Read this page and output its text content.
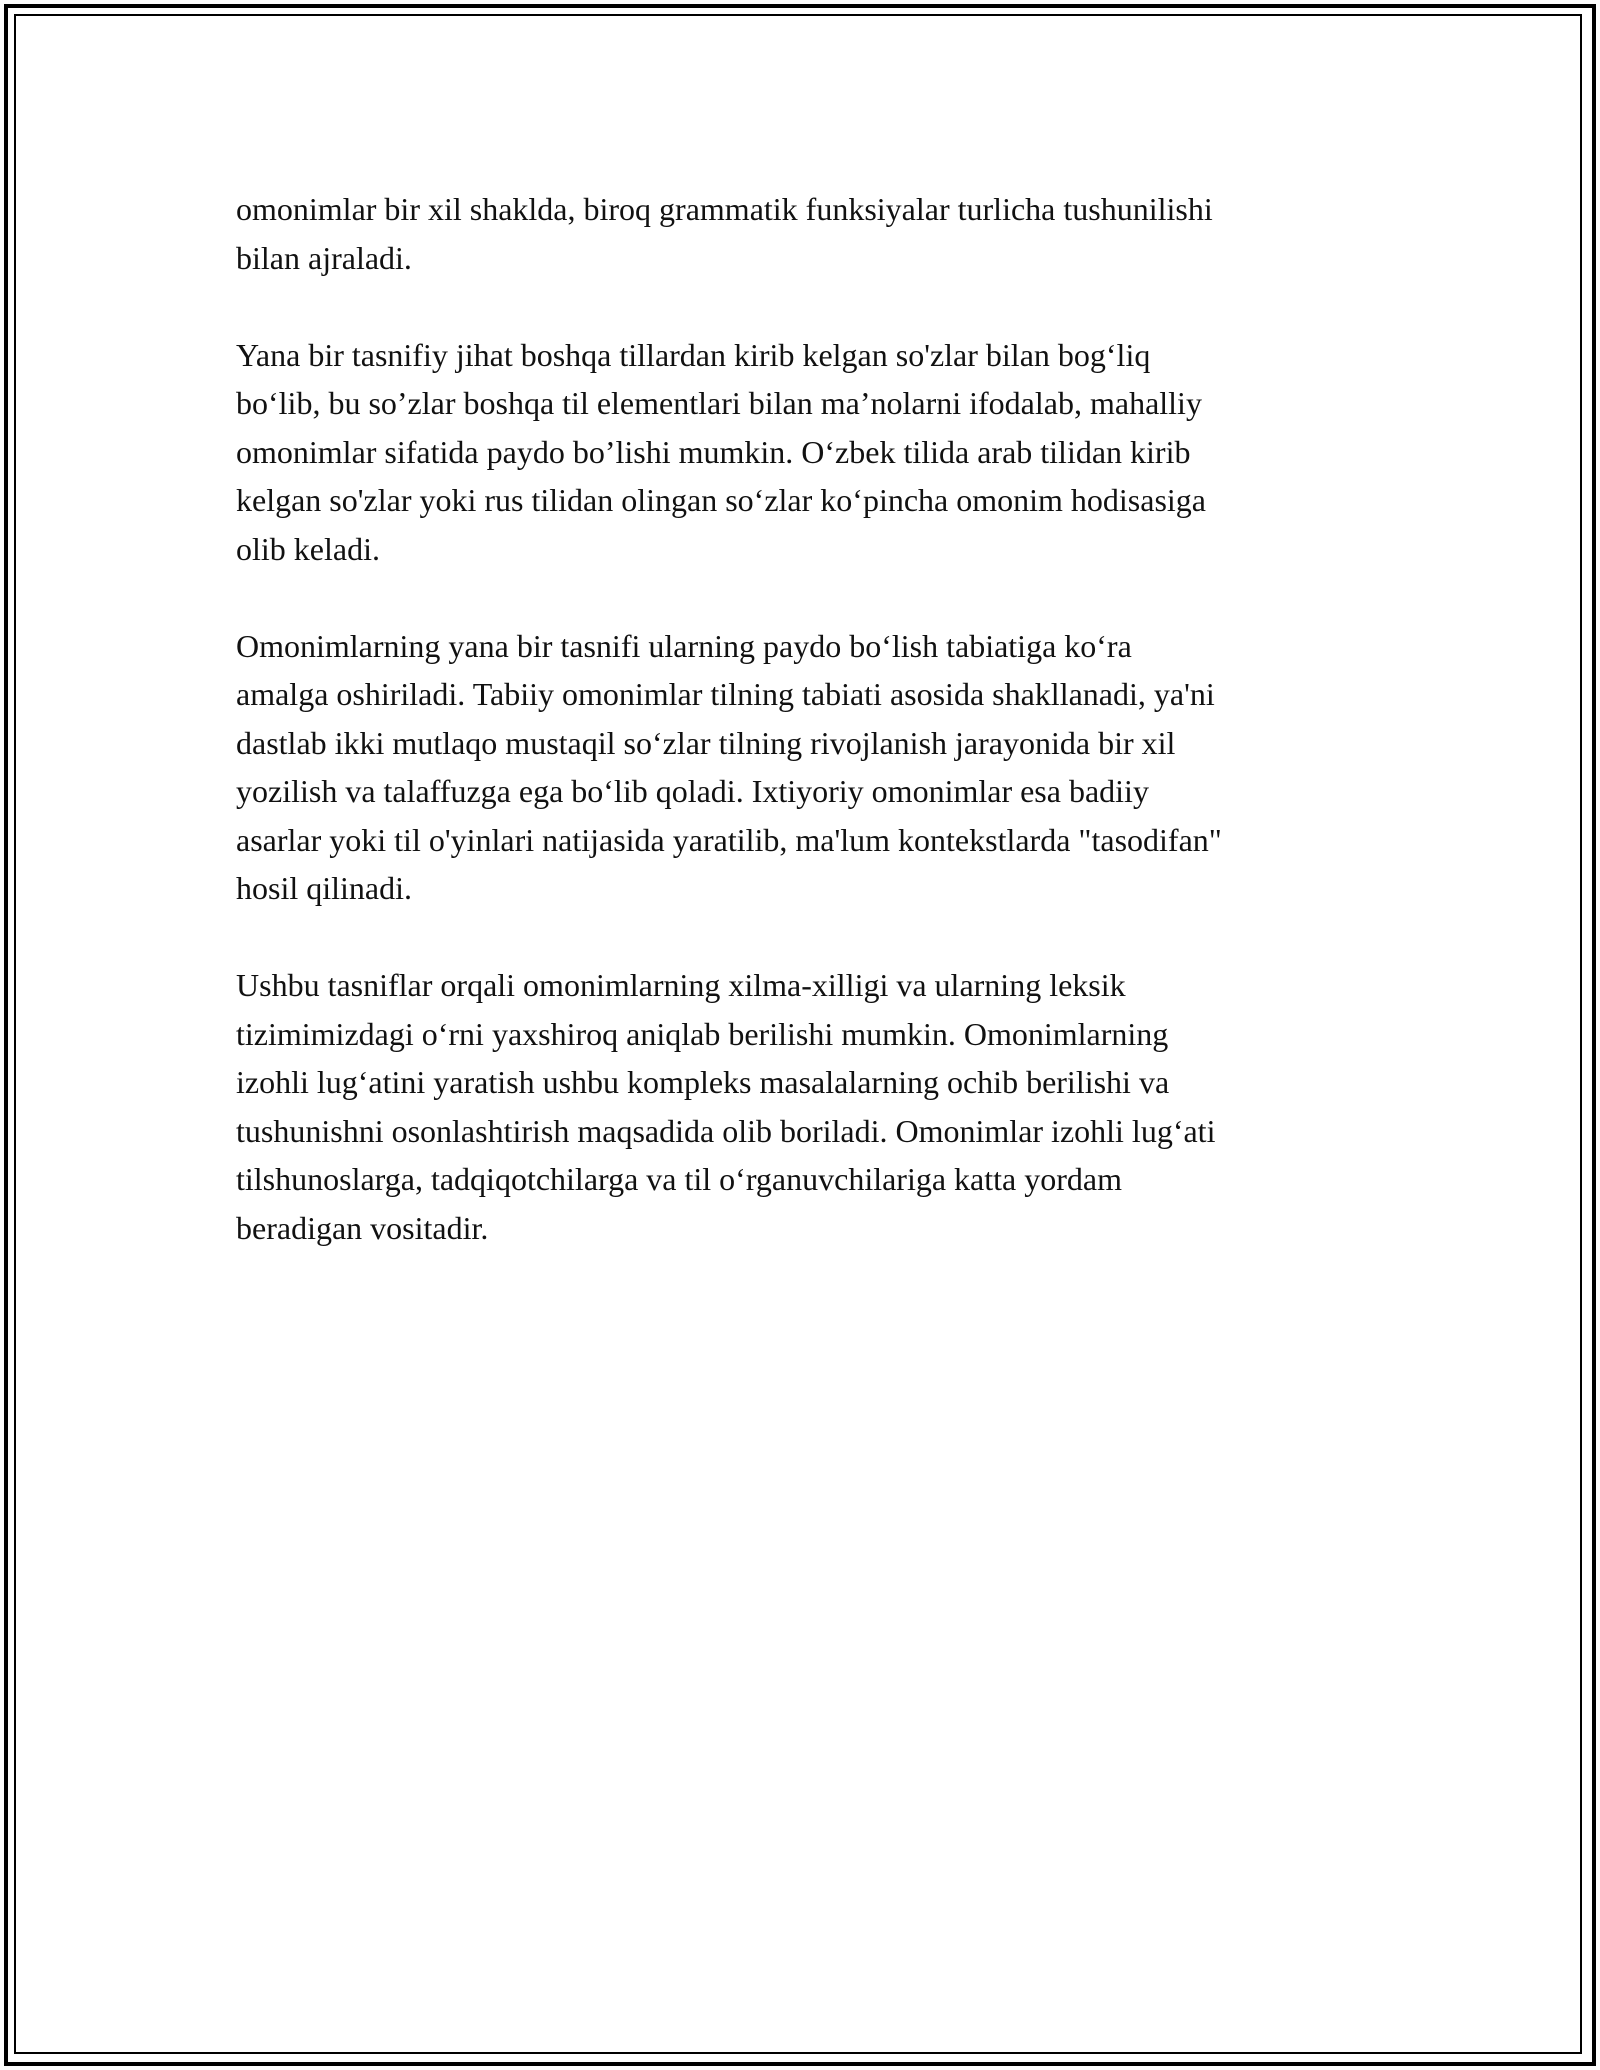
omonimlar bir xil shaklda, biroq grammatik funksiyalar turlicha tushunilishi
bilan ajraladi.

Yana bir tasnifiy jihat boshqa tillardan kirib kelgan so'zlar bilan bog‘liq
bo‘lib, bu so’zlar boshqa til elementlari bilan ma’nolarni ifodalab, mahalliy
omonimlar sifatida paydo bo’lishi mumkin. O‘zbek tilida arab tilidan kirib
kelgan so'zlar yoki rus tilidan olingan so‘zlar ko‘pincha omonim hodisasiga
olib keladi.

Omonimlarning yana bir tasnifi ularning paydo bo‘lish tabiatiga ko‘ra
amalga oshiriladi. Tabiiy omonimlar tilning tabiati asosida shakllanadi, ya'ni
dastlab ikki mutlaqo mustaqil so‘zlar tilning rivojlanish jarayonida bir xil
yozilish va talaffuzga ega bo‘lib qoladi. Ixtiyoriy omonimlar esa badiiy
asarlar yoki til o'yinlari natijasida yaratilib, ma'lum kontekstlarda "tasodifan"
hosil qilinadi.

Ushbu tasniflar orqali omonimlarning xilma-xilligi va ularning leksik
tizimimizdagi o‘rni yaxshiroq aniqlab berilishi mumkin. Omonimlarning
izohli lug‘atini yaratish ushbu kompleks masalalarning ochib berilishi va
tushunishni osonlashtirish maqsadida olib boriladi. Omonimlar izohli lug‘ati
tilshunoslarga, tadqiqotchilarga va til o‘rganuvchilariga katta yordam
beradigan vositadir.
